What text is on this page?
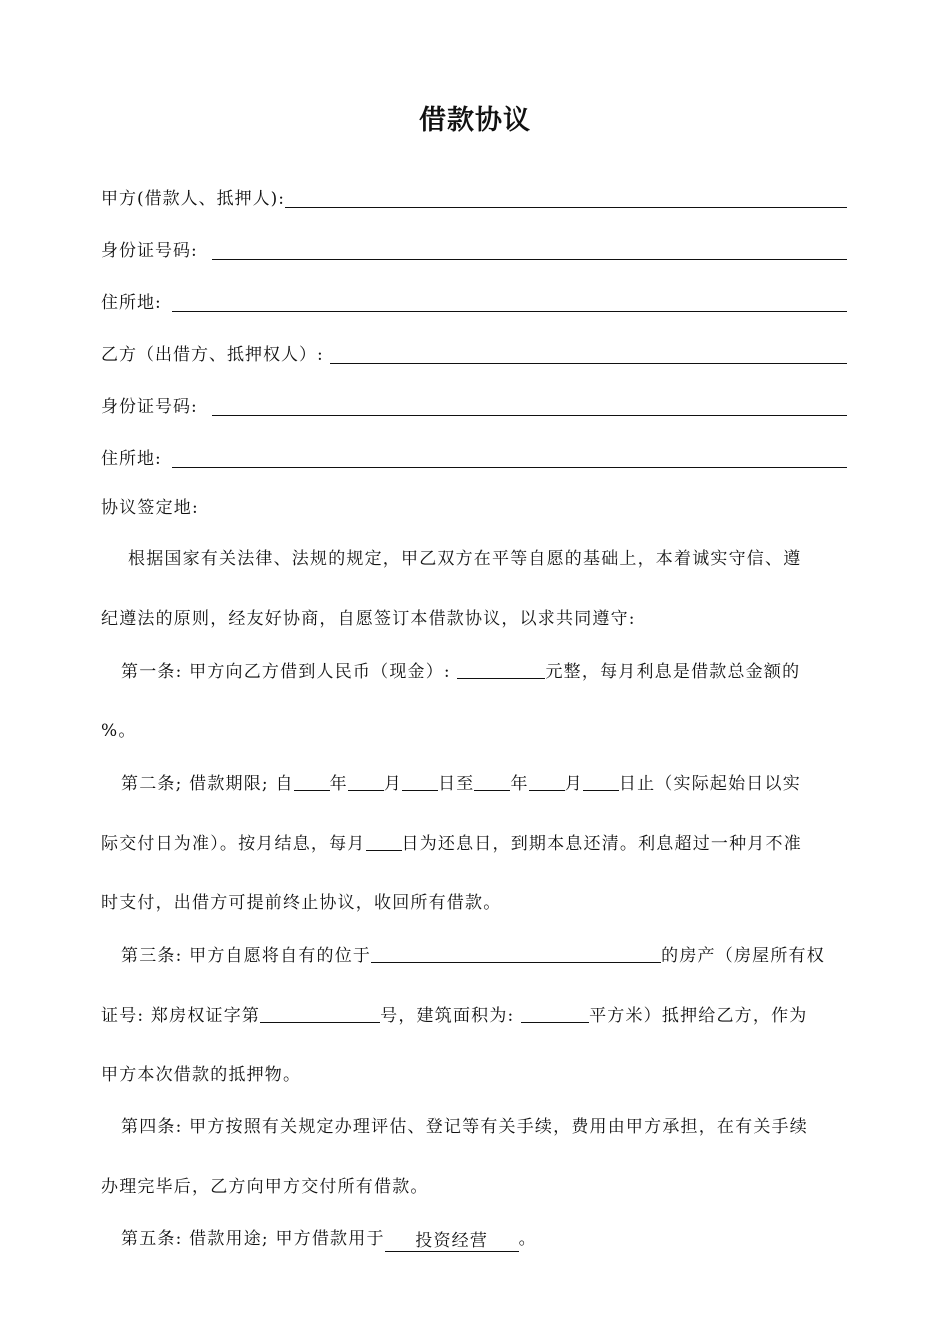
借款协议
甲方(借款人、抵押人):
身份证号码:
住所地:
乙方（出借方、抵押权人）:
身份证号码:
住所地:
协议签定地:
根据国家有关法律、法规的规定，甲乙双方在平等自愿的基础上，本着诚实守信、遵
纪遵法的原则，经友好协商，自愿签订本借款协议，以求共同遵守:
第一条: 甲方向乙方借到人民币（现金）:	元整，每月利息是借款总金额的
%。
第二条; 借款期限; 自 年 月 日至 年 月 日止（实际起始日以实
际交付日为准）。按月结息，每月 日为还息日，到期本息还清。利息超过一种月不准
时支付，出借方可提前终止协议，收回所有借款。
第三条: 甲方自愿将自有的位于	的房产（房屋所有权
证号: 郑房权证字第	号，建筑面积为:	平方米）抵押给乙方，作为
甲方本次借款的抵押物。
第四条: 甲方按照有关规定办理评估、登记等有关手续，费用由甲方承担，在有关手续
办理完毕后，乙方向甲方交付所有借款。
第五条: 借款用途; 甲方借款用于 投资经营 。
